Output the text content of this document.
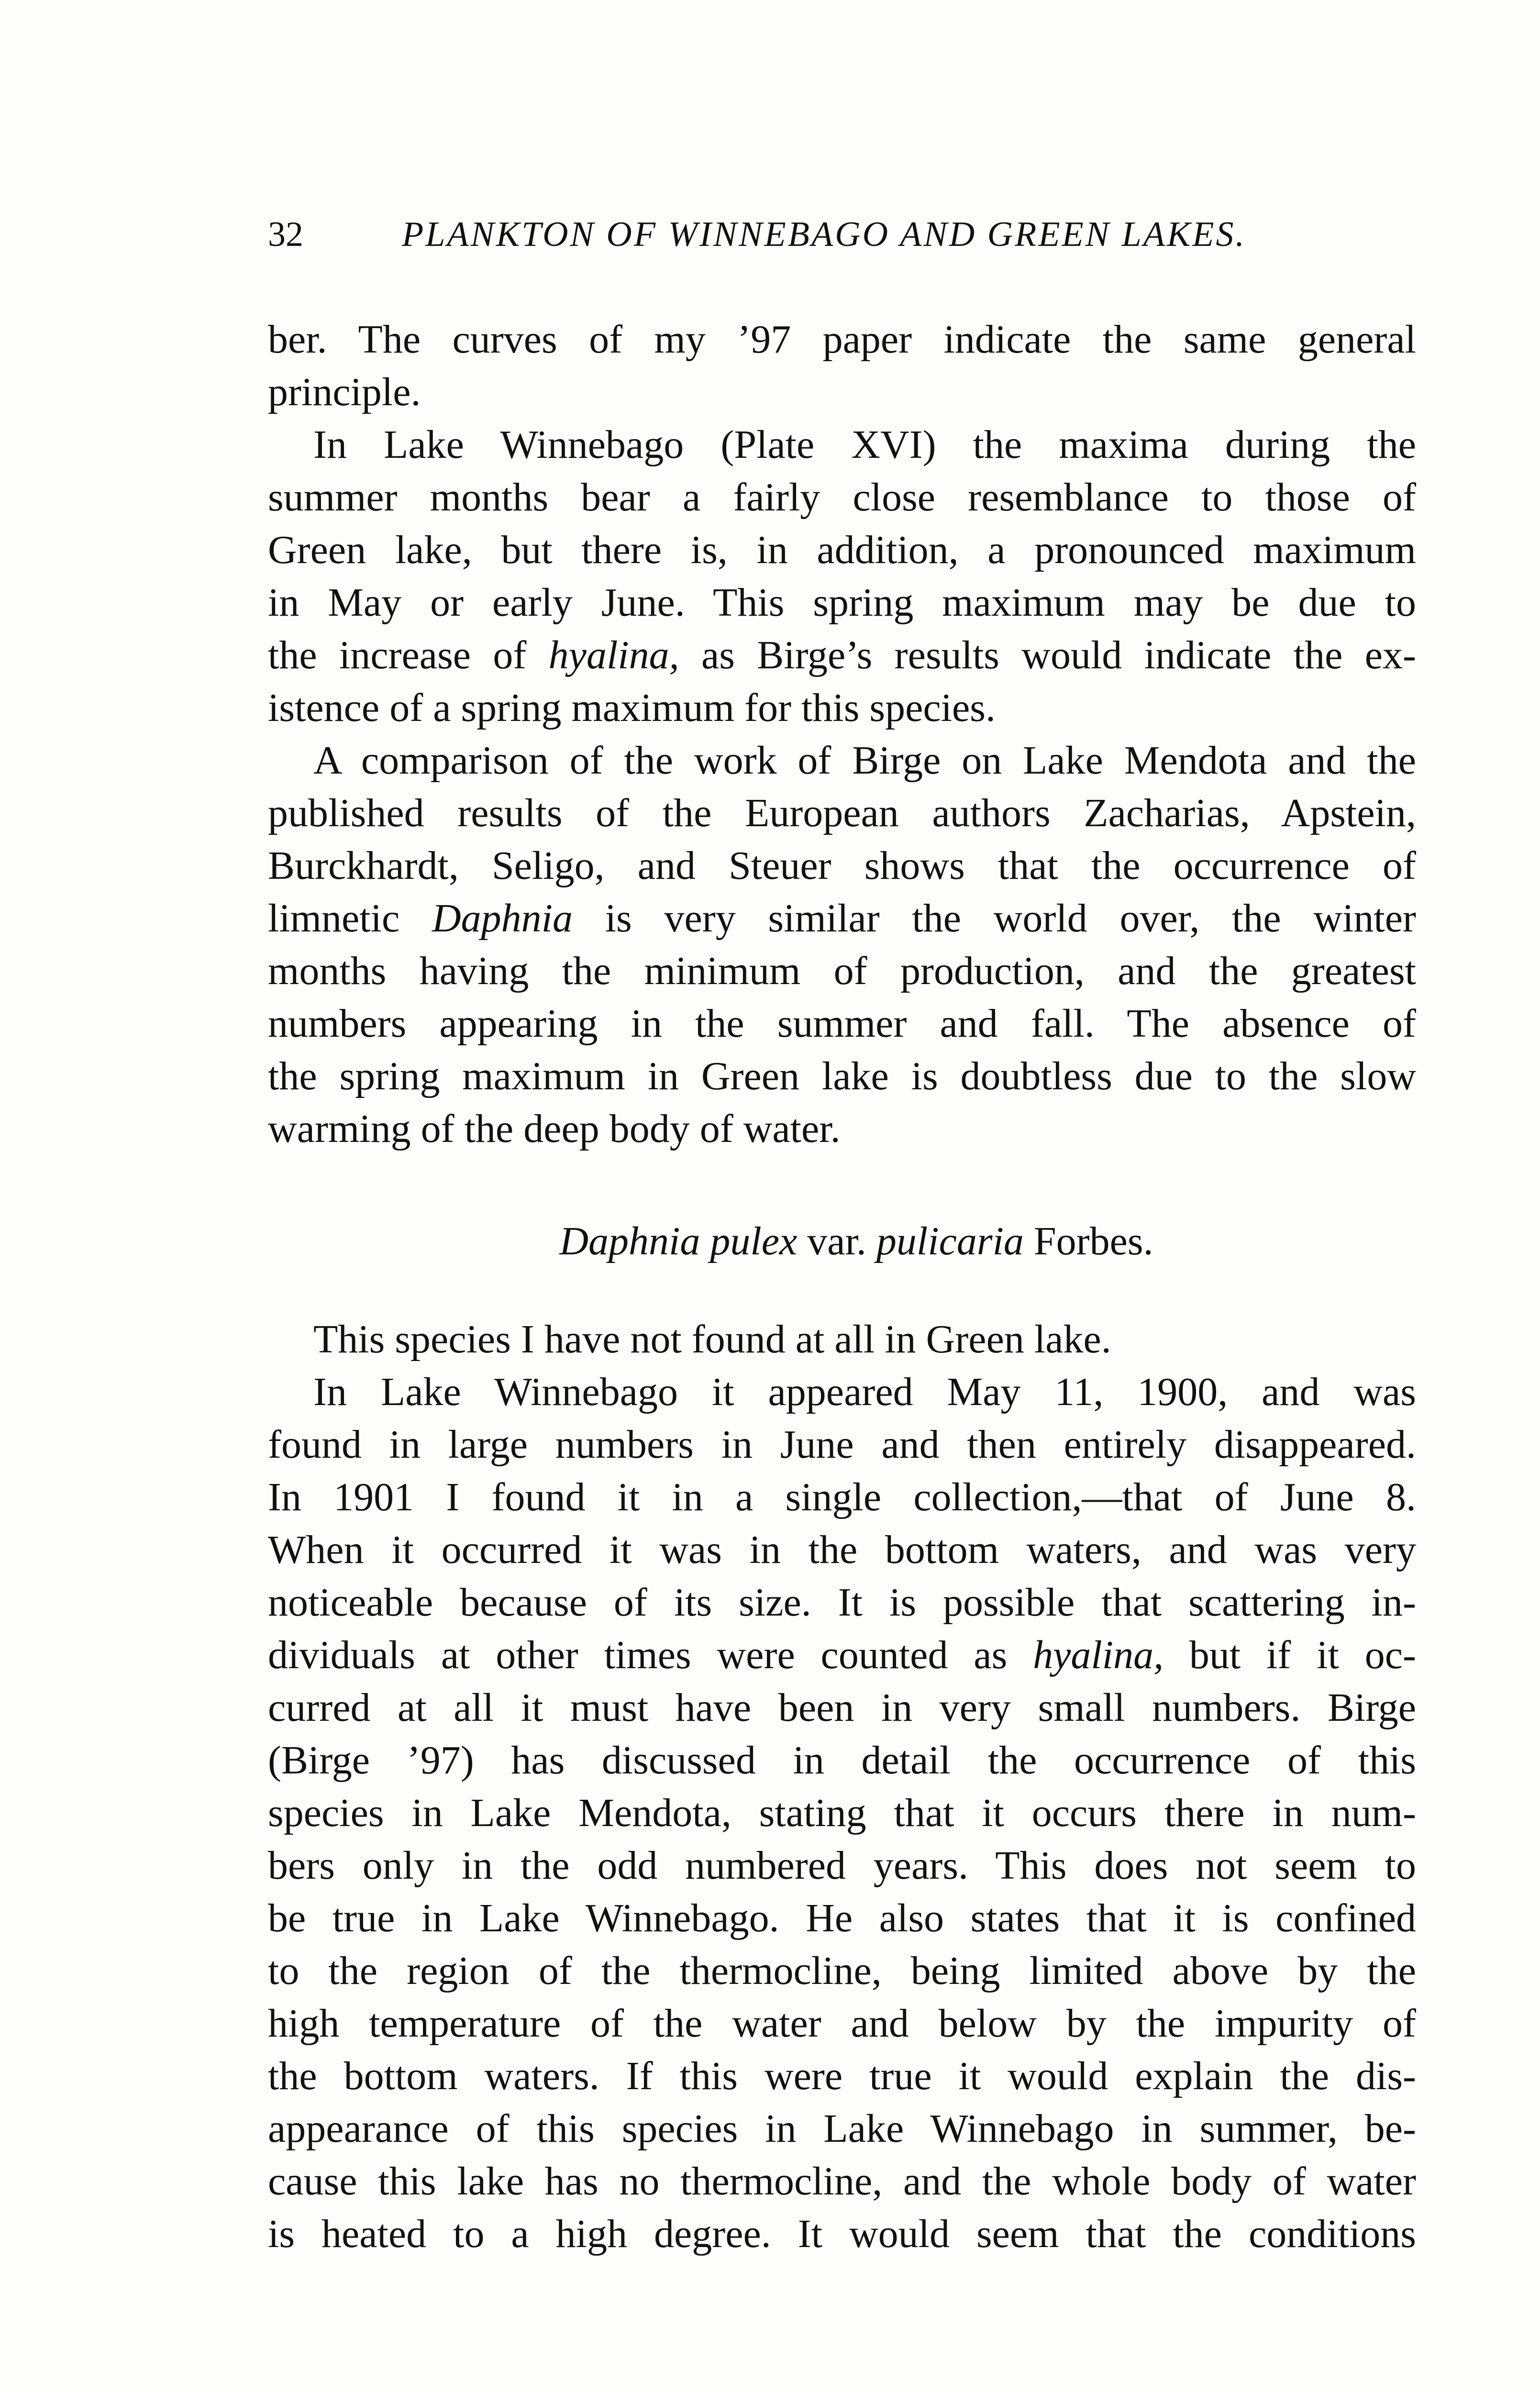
32	PLANKTON OF WINNEBAGO AND GREEN LAKES.
ber. The curves of my ’97 paper indicate the same general
principle.
In Lake Winnebago (Plate XVI) the maxima during the
summer months bear a fairly close resemblance to those of
Green lake, but there is, in addition, a pronounced maximum
in May or early June. This spring maximum may be due to
the increase of hyalina, as Birge’s results would indicate the ex-
istence of a spring maximum for this species.
A comparison of the work of Birge on Lake Mendota and the
published results of the European authors Zacharias, Apstein,
Burckhardt, Seligo, and Steuer shows that the occurrence of
limnetic Daphnia is very similar the world over, the winter
months having the minimum of production, and the greatest
numbers appearing in the summer and fall. The absence of
the spring maximum in Green lake is doubtless due to the slow
warming of the deep body of water.
Daphnia pulex var. pulicaria Forbes.
This species I have not found at all in Green lake.
In Lake Winnebago it appeared May 11, 1900, and was
found in large numbers in June and then entirely disappeared.
In 1901 I found it in a single collection,—that of June 8.
When it occurred it was in the bottom waters, and was very
noticeable because of its size. It is possible that scattering in-
dividuals at other times were counted as hyalina, but if it oc-
curred at all it must have been in very small numbers. Birge
(Birge ’97) has discussed in detail the occurrence of this
species in Lake Mendota, stating that it occurs there in num-
bers only in the odd numbered years. This does not seem to
be true in Lake Winnebago. He also states that it is confined
to the region of the thermocline, being limited above by the
high temperature of the water and below by the impurity of
the bottom waters. If this were true it would explain the dis-
appearance of this species in Lake Winnebago in summer, be-
cause this lake has no thermocline, and the whole body of water
is heated to a high degree. It would seem that the conditions
